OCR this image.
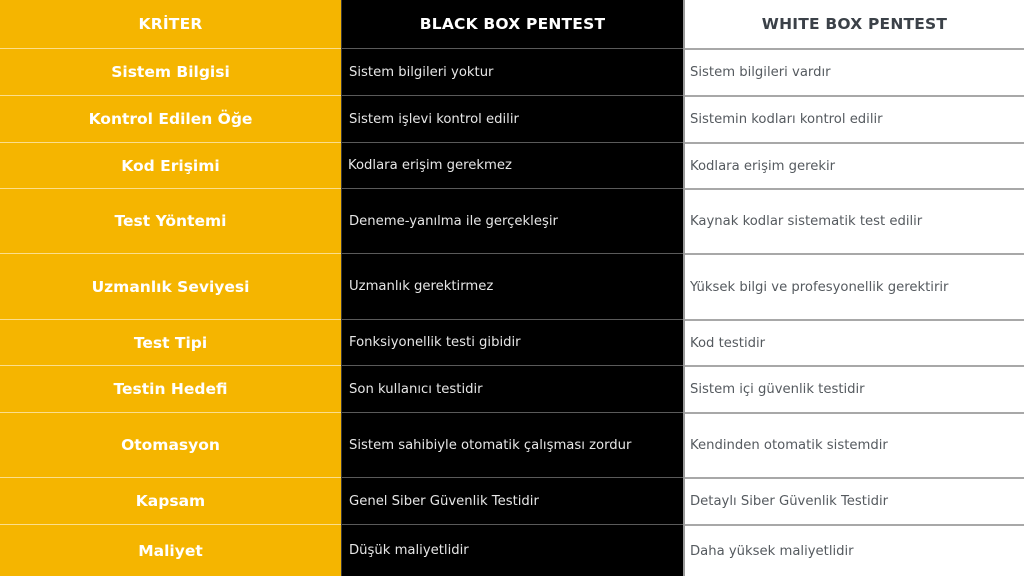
KRİTER
Sistem Bilgisi
Kontrol Edilen Öğe
Kod Erişimi
Test Yöntemi
Uzmanlık Seviyesi
Test Tipi
Testin Hedefi
Otomasyon
Kapsam
Maliyet
BLACK BOX PENTEST
Sistem bilgileri yoktur
Sistem işlevi kontrol edilir
Kodlara erişim gerekmez
Deneme-yanılma ile gerçekleşir
Uzmanlık gerektirmez
Fonksiyonellik testi gibidir
Son kullanıcı testidir
Sistem sahibiyle otomatik çalışması zordur
Genel Siber Güvenlik Testidir
Düşük maliyetlidir
WHITE BOX PENTEST
Sistem bilgileri vardır
Sistemin kodları kontrol edilir
Kodlara erişim gerekir
Kaynak kodlar sistematik test edilir
Yüksek bilgi ve profesyonellik gerektirir
Kod testidir
Sistem içi güvenlik testidir
Kendinden otomatik sistemdir
Detaylı Siber Güvenlik Testidir
Daha yüksek maliyetlidir
